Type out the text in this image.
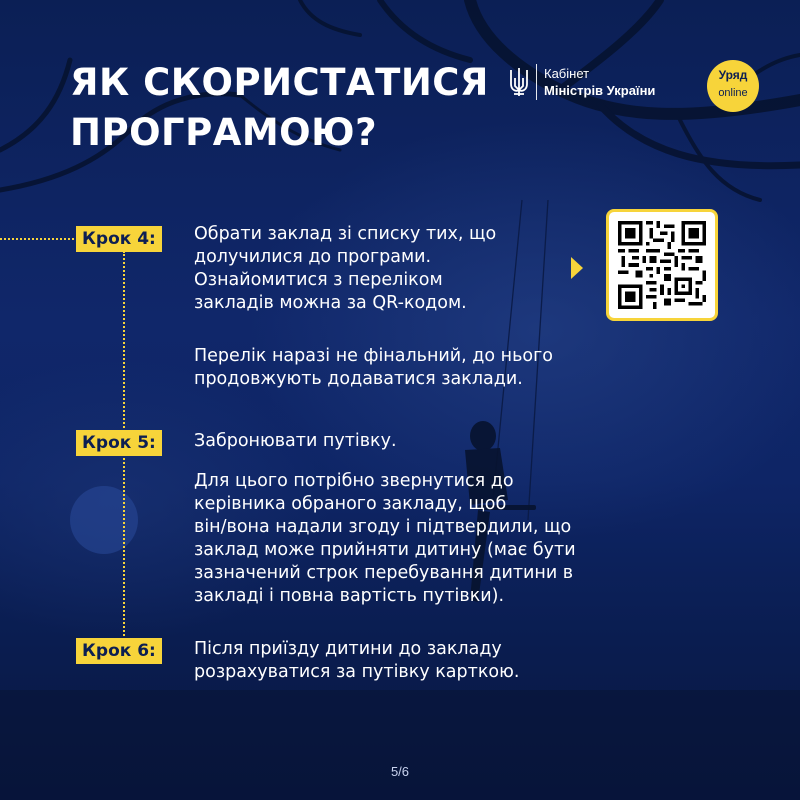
ЯК СКОРИСТАТИСЯ
ПРОГРАМОЮ?
Кабінет
Міністрів України
Уряд
online
Крок 4:	Обрати заклад зі списку тих, що
долучилися до програми.
Ознайомитися з переліком
закладів можна за QR-кодом.

Перелік наразі не фінальний, до нього
продовжують додаватися заклади.

Крок 5:	Забронювати путівку.

Для цього потрібно звернутися до
керівника обраного закладу, щоб
він/вона надали згоду і підтвердили, що
заклад може прийняти дитину (має бути
зазначений строк перебування дитини в
закладі і повна вартість путівки).

Крок 6:	Після приїзду дитини до закладу
розрахуватися за путівку карткою.

5/6
